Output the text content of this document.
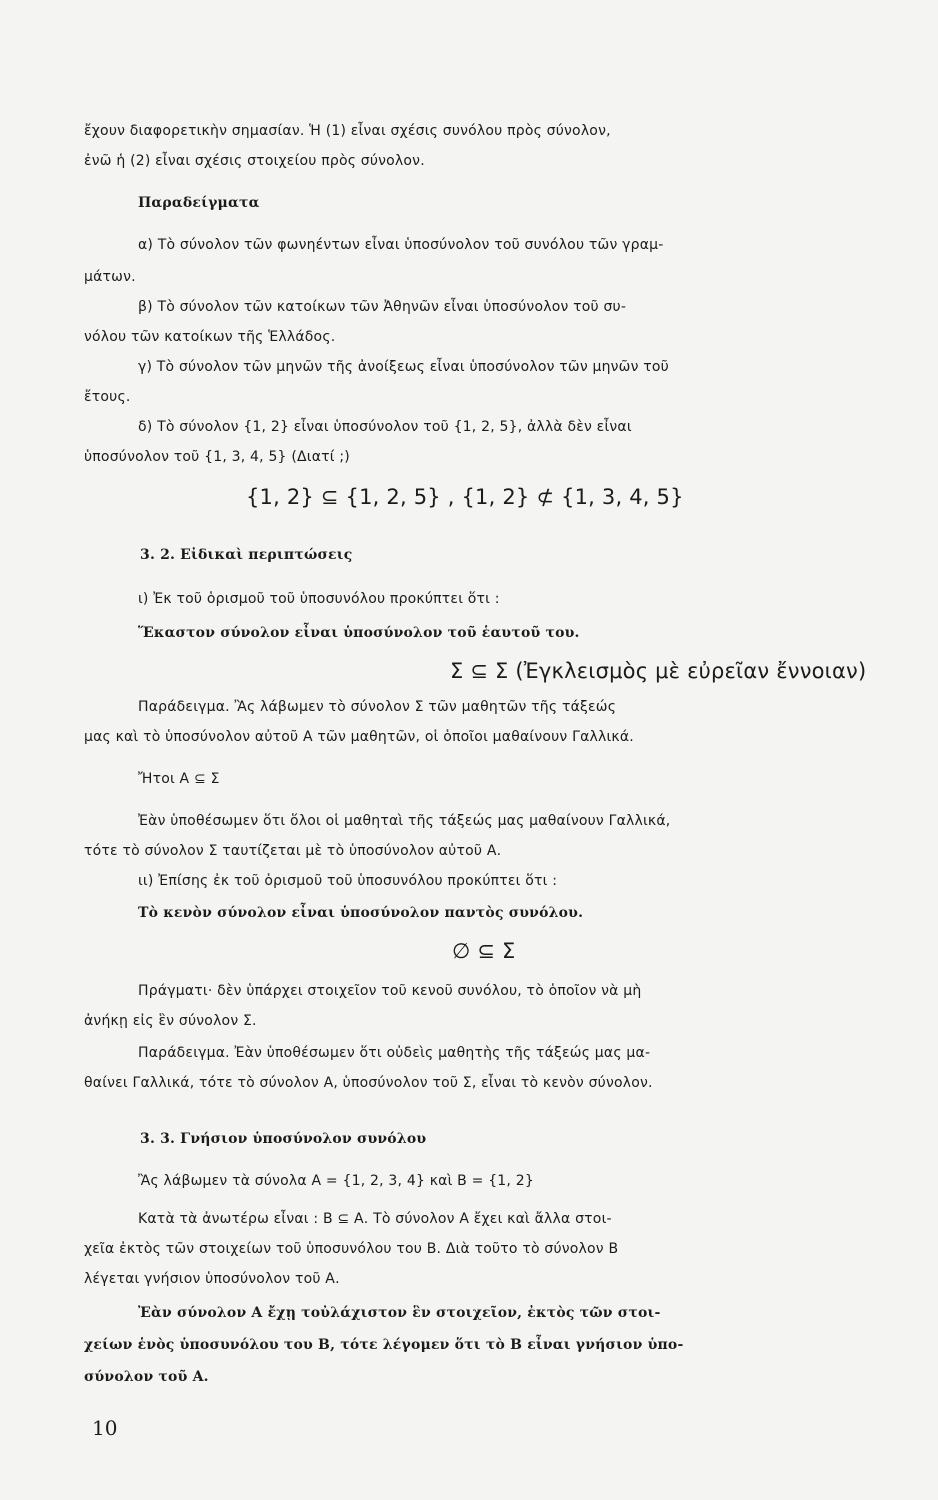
ἔχουν διαφορετικὴν σημασίαν. Ἡ (1) εἶναι σχέσις συνόλου πρὸς σύνολον,
ἐνῶ ἡ (2) εἶναι σχέσις στοιχείου πρὸς σύνολον.
Παραδείγματα
α) Τὸ σύνολον τῶν φωνηέντων εἶναι ὑποσύνολον τοῦ συνόλου τῶν γραμ-
μάτων.
β) Τὸ σύνολον τῶν κατοίκων τῶν Ἀθηνῶν εἶναι ὑποσύνολον τοῦ συ-
νόλου τῶν κατοίκων τῆς Ἑλλάδος.
γ) Τὸ σύνολον τῶν μηνῶν τῆς ἀνοίξεως εἶναι ὑποσύνολον τῶν μηνῶν τοῦ
ἔτους.
δ) Τὸ σύνολον {1, 2} εἶναι ὑποσύνολον τοῦ {1, 2, 5}, ἀλλὰ δὲν εἶναι
ὑποσύνολον τοῦ {1, 3, 4, 5} (Διατί ;)
{1, 2} ⊆ {1, 2, 5} , {1, 2} ⊄ {1, 3, 4, 5}
3. 2. Εἰδικαὶ περιπτώσεις
ι) Ἐκ τοῦ ὁρισμοῦ τοῦ ὑποσυνόλου προκύπτει ὅτι :
Ἕκαστον σύνολον εἶναι ὑποσύνολον τοῦ ἑαυτοῦ του.
Σ ⊆ Σ (Ἐγκλεισμὸς μὲ εὐρεῖαν ἔννοιαν)
Παράδειγμα. Ἂς λάβωμεν τὸ σύνολον Σ τῶν μαθητῶν τῆς τάξεώς
μας καὶ τὸ ὑποσύνολον αὐτοῦ Α τῶν μαθητῶν, οἱ ὁποῖοι μαθαίνουν Γαλλικά.
Ἤτοι Α ⊆ Σ
Ἐὰν ὑποθέσωμεν ὅτι ὅλοι οἱ μαθηταὶ τῆς τάξεώς μας μαθαίνουν Γαλλικά,
τότε τὸ σύνολον Σ ταυτίζεται μὲ τὸ ὑποσύνολον αὐτοῦ Α.
ιι) Ἐπίσης ἐκ τοῦ ὁρισμοῦ τοῦ ὑποσυνόλου προκύπτει ὅτι :
Τὸ κενὸν σύνολον εἶναι ὑποσύνολον παντὸς συνόλου.
∅ ⊆ Σ
Πράγματι· δὲν ὑπάρχει στοιχεῖον τοῦ κενοῦ συνόλου, τὸ ὁποῖον νὰ μὴ
ἀνήκῃ εἰς ἓν σύνολον Σ.
Παράδειγμα. Ἐὰν ὑποθέσωμεν ὅτι οὐδεὶς μαθητὴς τῆς τάξεώς μας μα-
θαίνει Γαλλικά, τότε τὸ σύνολον Α, ὑποσύνολον τοῦ Σ, εἶναι τὸ κενὸν σύνολον.
3. 3. Γνήσιον ὑποσύνολον συνόλου
Ἂς λάβωμεν τὰ σύνολα Α = {1, 2, 3, 4} καὶ Β = {1, 2}
Κατὰ τὰ ἀνωτέρω εἶναι : Β ⊆ Α. Τὸ σύνολον Α ἔχει καὶ ἄλλα στοι-
χεῖα ἐκτὸς τῶν στοιχείων τοῦ ὑποσυνόλου του Β. Διὰ τοῦτο τὸ σύνολον Β
λέγεται γνήσιον ὑποσύνολον τοῦ Α.
Ἐὰν σύνολον Α ἔχῃ τοὐλάχιστον ἓν στοιχεῖον, ἐκτὸς τῶν στοι-
χείων ἑνὸς ὑποσυνόλου του Β, τότε λέγομεν ὅτι τὸ Β εἶναι γνήσιον ὑπο-
σύνολον τοῦ Α.
10
